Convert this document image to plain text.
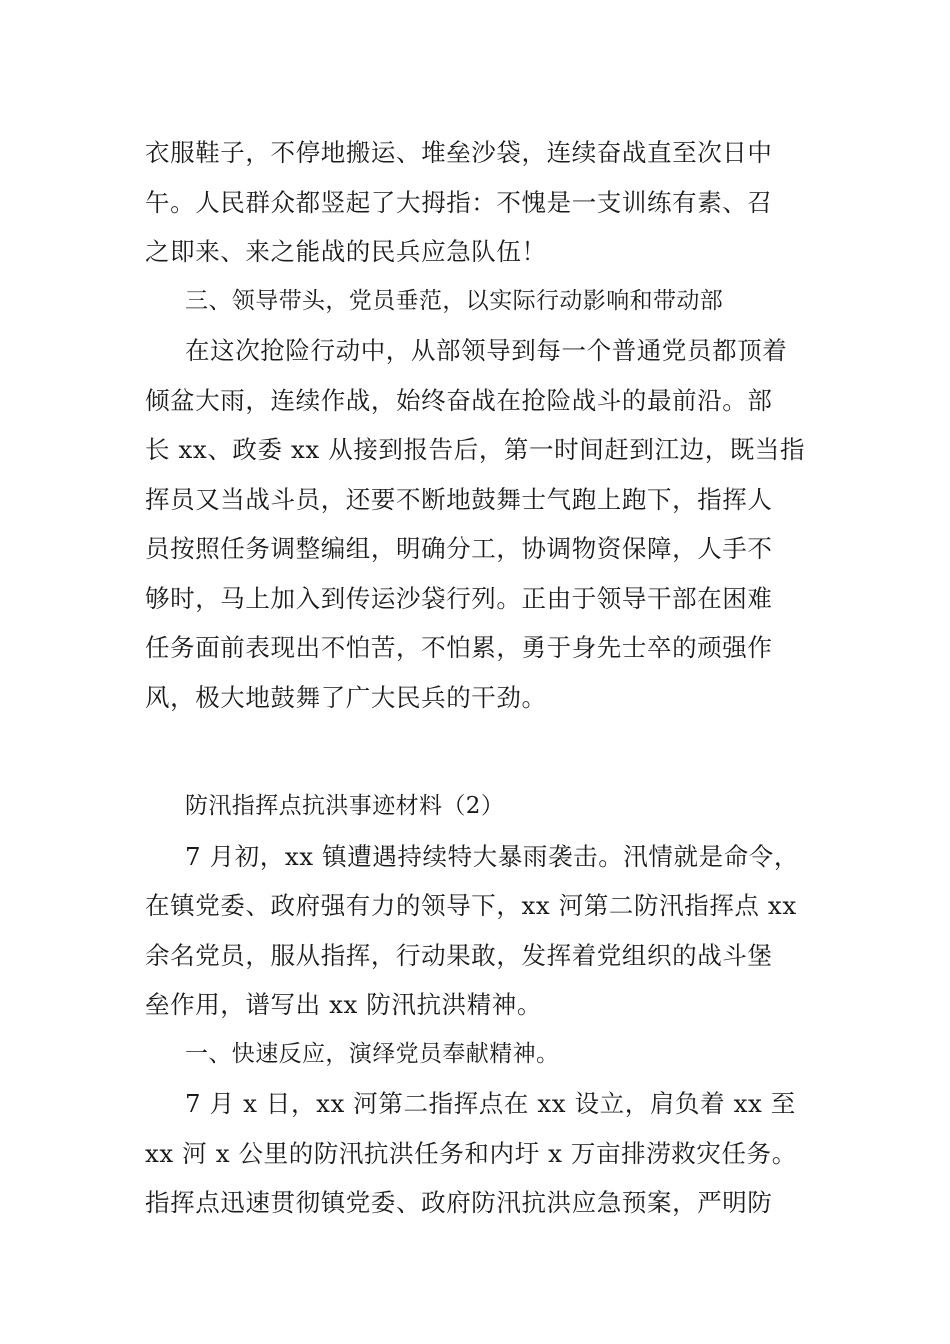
衣服鞋子，不停地搬运、堆垒沙袋，连续奋战直至次日中
午。人民群众都竖起了大拇指：不愧是一支训练有素、召
之即来、来之能战的民兵应急队伍！
三、领导带头，党员垂范，以实际行动影响和带动部
在这次抢险行动中，从部领导到每一个普通党员都顶着
倾盆大雨，连续作战，始终奋战在抢险战斗的最前沿。部
长 xx、政委 xx 从接到报告后，第一时间赶到江边，既当指
挥员又当战斗员，还要不断地鼓舞士气跑上跑下，指挥人
员按照任务调整编组，明确分工，协调物资保障，人手不
够时，马上加入到传运沙袋行列。正由于领导干部在困难
任务面前表现出不怕苦，不怕累，勇于身先士卒的顽强作
风，极大地鼓舞了广大民兵的干劲。
防汛指挥点抗洪事迹材料（2）
7 月初，xx 镇遭遇持续特大暴雨袭击。汛情就是命令，
在镇党委、政府强有力的领导下，xx 河第二防汛指挥点 xx
余名党员，服从指挥，行动果敢，发挥着党组织的战斗堡
垒作用，谱写出 xx 防汛抗洪精神。
一、快速反应，演绎党员奉献精神。
7 月 x 日，xx 河第二指挥点在 xx 设立，肩负着 xx 至
xx 河 x 公里的防汛抗洪任务和内圩 x 万亩排涝救灾任务。
指挥点迅速贯彻镇党委、政府防汛抗洪应急预案，严明防
